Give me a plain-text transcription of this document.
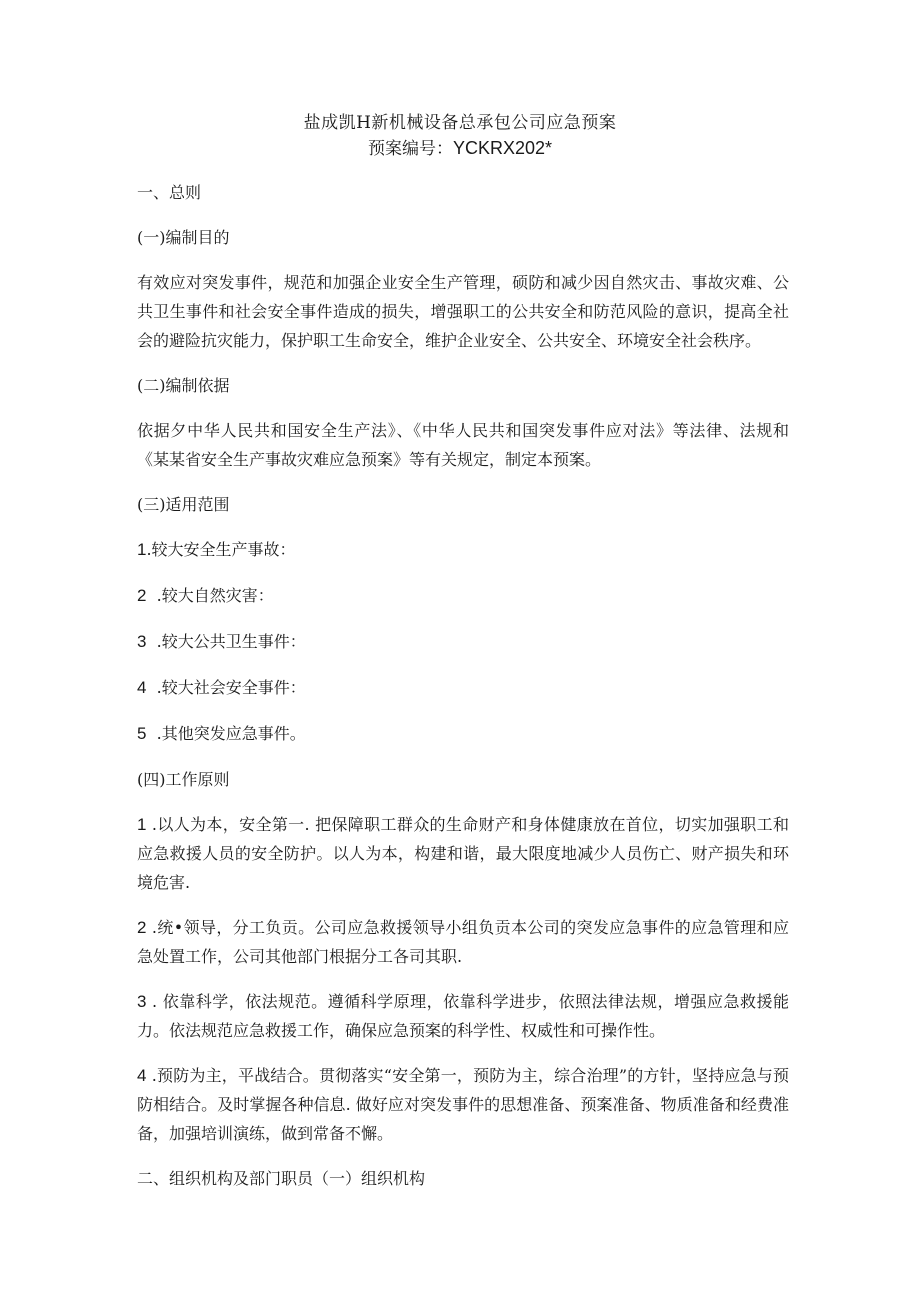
盐成凯H新机械设备总承包公司应急预案
预案编号：YCKRX202*

一、总则

(一)编制目的

有效应对突发事件，规范和加强企业安全生产管理，硕防和减少因自然灾击、事故灾难、公共卫生事件和社会安全事件造成的损失，增强职工的公共安全和防范风险的意识，提高全社会的避险抗灾能力，保护职工生命安全，维护企业安全、公共安全、环境安全社会秩序。

(二)编制依据

依据夕中华人民共和国安全生产法》、《中华人民共和国突发事件应对法》等法律、法规和《某某省安全生产事故灾难应急预案》等有关规定，制定本预案。

(三)适用范围

1.较大安全生产事故：

2  .较大自然灾害：

3  .较大公共卫生事件：

4  .较大社会安全事件：

5  .其他突发应急事件。

(四)工作原则

1 .以人为本，安全第一. 把保障职工群众的生命财产和身体健康放在首位，切实加强职工和应急救援人员的安全防护。以人为本，构建和谐，最大限度地减少人员伤亡、财产损失和环境危害.

2 .统•领导，分工负贡。公司应急救援领导小组负贡本公司的突发应急事件的应急管理和应急处置工作，公司其他部门根据分工各司其职.

3 . 依靠科学，依法规范。遵循科学原理，依靠科学进步，依照法律法规，增强应急救援能力。依法规范应急救援工作，确保应急预案的科学性、权威性和可操作性。

4 .预防为主，平战结合。贯彻落实“安全第一，预防为主，综合治理”的方针，坚持应急与预防相结合。及时掌握各种信息. 做好应对突发事件的思想准备、预案准备、物质准备和经费准备，加强培训演练，做到常备不懈。

二、组织机构及部门职员（一）组织机构
